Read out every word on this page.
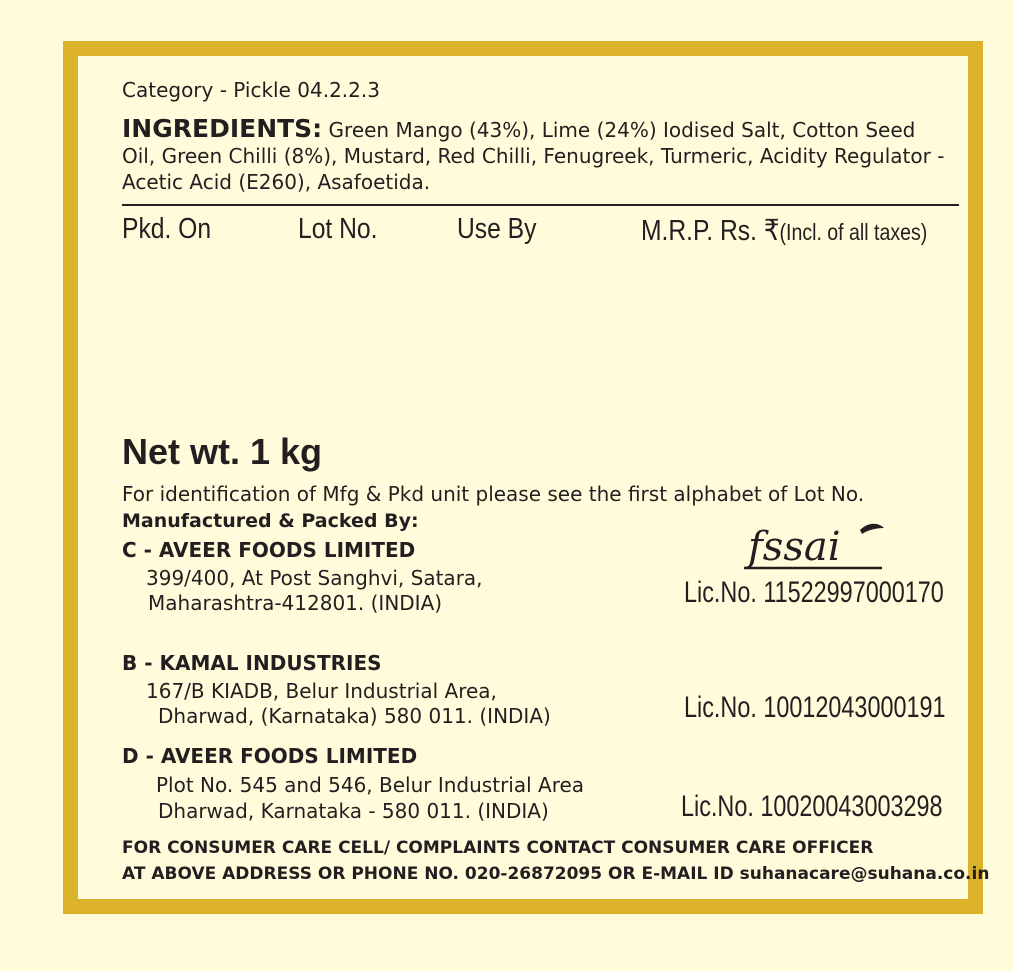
Category - Pickle 04.2.2.3
INGREDIENTS: Green Mango (43%), Lime (24%) Iodised Salt, Cotton Seed Oil, Green Chilli (8%), Mustard, Red Chilli, Fenugreek, Turmeric, Acidity Regulator - Acetic Acid (E260), Asafoetida.
Pkd. On	Lot No.	Use By	M.R.P. Rs. ₹(Incl. of all taxes)
Net wt. 1 kg
For identification of Mfg & Pkd unit please see the first alphabet of Lot No.
Manufactured & Packed By:
fssai
C - AVEER FOODS LIMITED
399/400, At Post Sanghvi, Satara,
Maharashtra-412801. (INDIA)	Lic.No. 11522997000170
B - KAMAL INDUSTRIES
167/B KIADB, Belur Industrial Area,
Dharwad, (Karnataka) 580 011. (INDIA)	Lic.No. 10012043000191
D - AVEER FOODS LIMITED
Plot No. 545 and 546, Belur Industrial Area
Dharwad, Karnataka - 580 011. (INDIA)	Lic.No. 10020043003298
FOR CONSUMER CARE CELL/ COMPLAINTS CONTACT CONSUMER CARE OFFICER
AT ABOVE ADDRESS OR PHONE NO. 020-26872095 OR E-MAIL ID suhanacare@suhana.co.in
